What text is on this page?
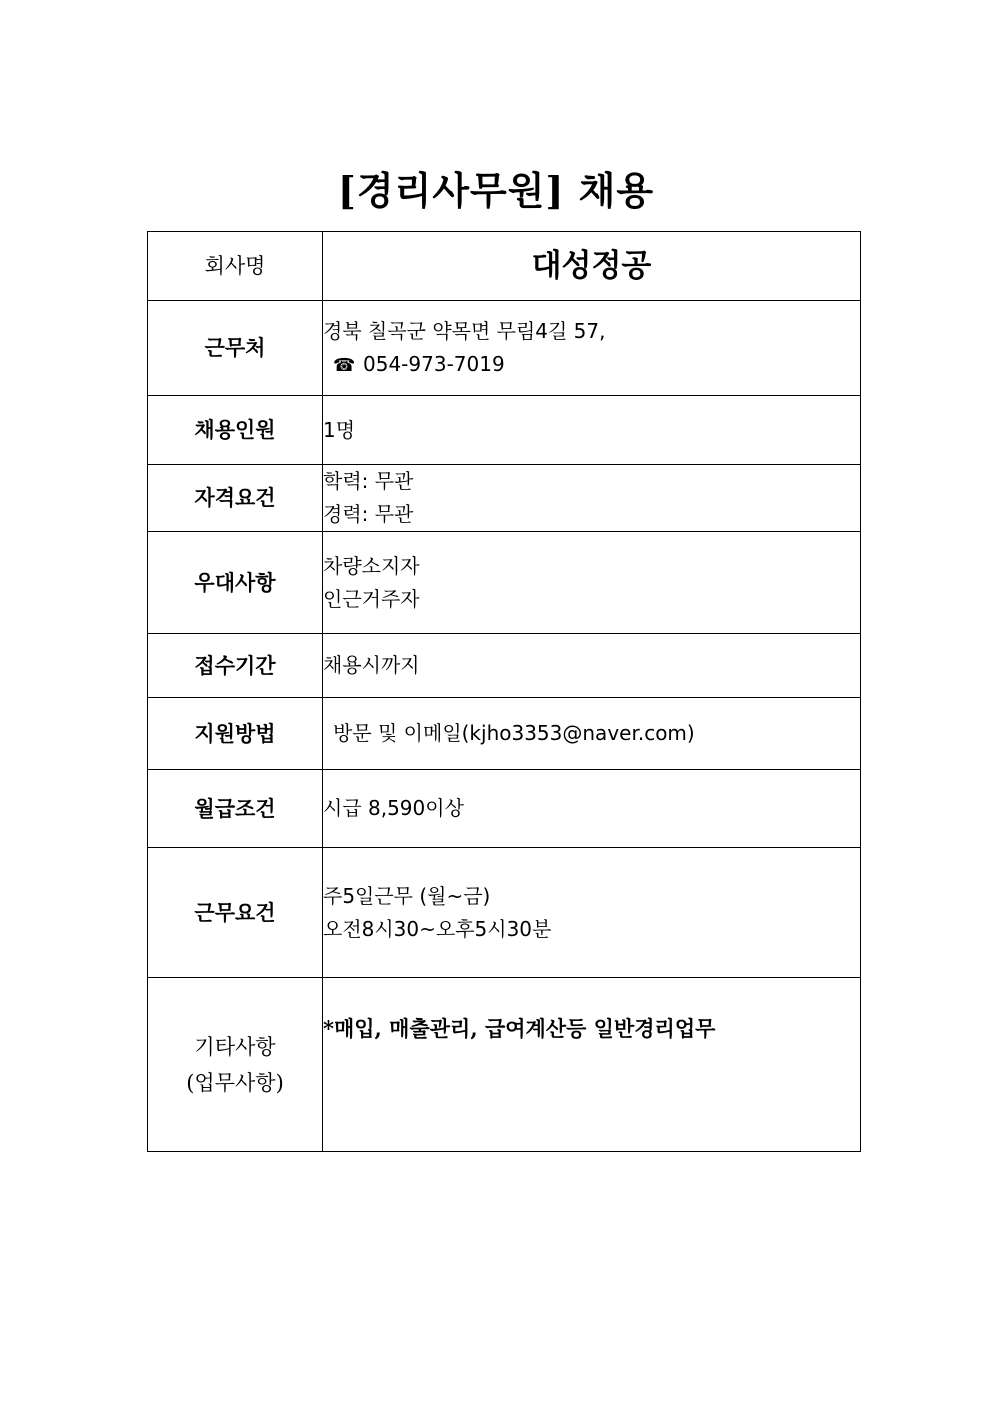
[경리사무원] 채용
회사명	대성정공
근무처	경북 칠곡군 약목면 무림4길 57,
☎ 054-973-7019

채용인원	1명
자격요건	학력: 무관
경력: 무관

우대사항	차량소지자
인근거주자

접수기간	채용시까지
지원방법	방문 및 이메일(kjho3353@naver.com)

월급조건	시급 8,590이상
근무요건	주5일근무 (월~금)
오전8시30~오후5시30분

기타사항
(업무사항)	*매입, 매출관리, 급여계산등 일반경리업무
